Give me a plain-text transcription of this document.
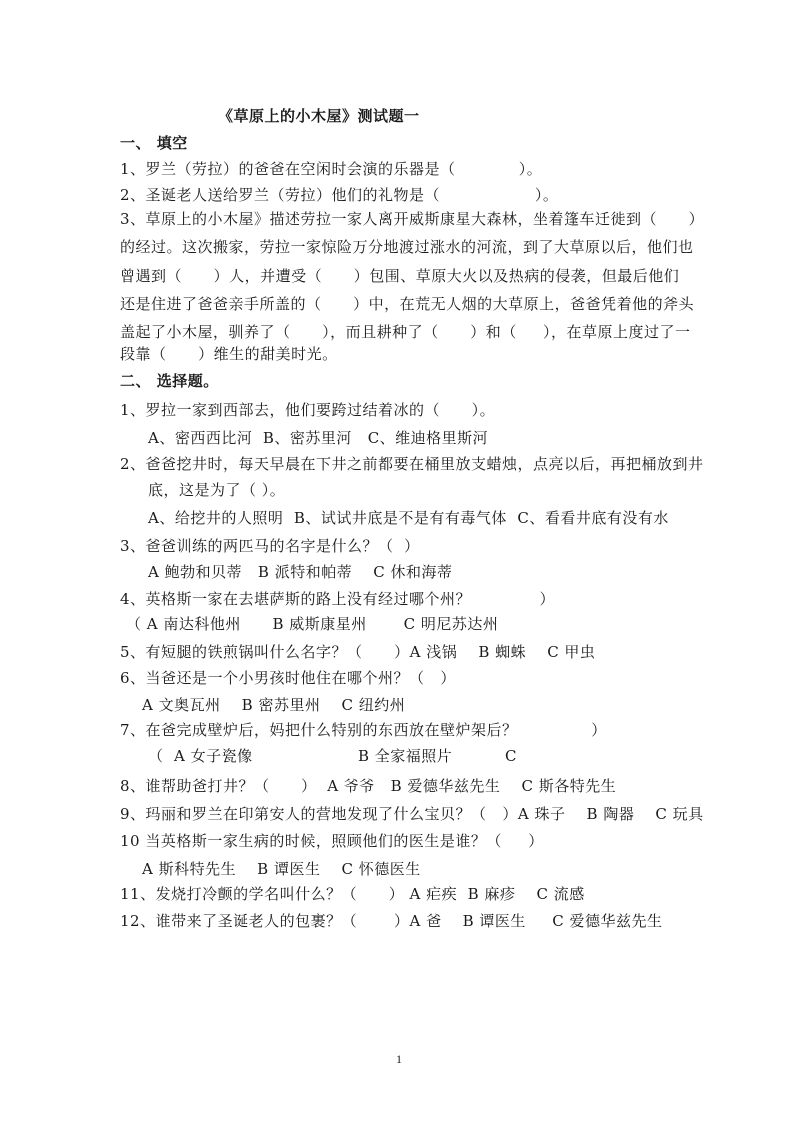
《草原上的小木屋》测试题一
一、 填空
1、罗兰（劳拉）的爸爸在空闲时会演的乐器是（            ）。
2、圣诞老人送给罗兰（劳拉）他们的礼物是（                  ）。
3、草原上的小木屋》描述劳拉一家人离开威斯康星大森林，坐着篷车迁徙到（      ）
的经过。这次搬家，劳拉一家惊险万分地渡过涨水的河流，到了大草原以后，他们也
曾遇到（      ）人，并遭受（      ）包围、草原大火以及热病的侵袭，但最后他们
还是住进了爸爸亲手所盖的（      ）中，在荒无人烟的大草原上，爸爸凭着他的斧头
盖起了小木屋，驯养了（      ），而且耕种了（      ）和（     ），在草原上度过了一
段靠（      ）维生的甜美时光。
二、 选择题。
1、罗拉一家到西部去，他们要跨过结着冰的（      ）。
A、密西西比河  B、密苏里河   C、维迪格里斯河
2、爸爸挖井时，每天早晨在下井之前都要在桶里放支蜡烛，点亮以后，再把桶放到井
底，这是为了（ ）。
A、给挖井的人照明  B、试试井底是不是有有毒气体  C、看看井底有没有水
3、爸爸训练的两匹马的名字是什么？（  ）
A 鲍勃和贝蒂   B 派特和帕蒂    C 休和海蒂
4、英格斯一家在去堪萨斯的路上没有经过哪个州？             ）
（ A 南达科他州      B 威斯康星州       C 明尼苏达州
5、有短腿的铁煎锅叫什么名字？（      ）A 浅锅    B 蜘蛛    C 甲虫
6、当爸还是一个小男孩时他住在哪个州？（   ）
A 文奥瓦州    B 密苏里州    C 纽约州
7、在爸完成壁炉后，妈把什么特别的东西放在壁炉架后？              ）
（  A 女子瓷像                    B 全家福照片          C
8、谁帮助爸打井？（      ）  A 爷爷   B 爱德华兹先生    C 斯各特先生
9、玛丽和罗兰在印第安人的营地发现了什么宝贝？（   ）A 珠子    B 陶器    C 玩具
10 当英格斯一家生病的时候，照顾他们的医生是谁？（     ）
A 斯科特先生    B 谭医生    C 怀德医生
11、发烧打冷颤的学名叫什么？（      ） A 疟疾  B 麻疹    C 流感
12、谁带来了圣诞老人的包裹？（       ）A 爸    B 谭医生     C 爱德华兹先生
1
